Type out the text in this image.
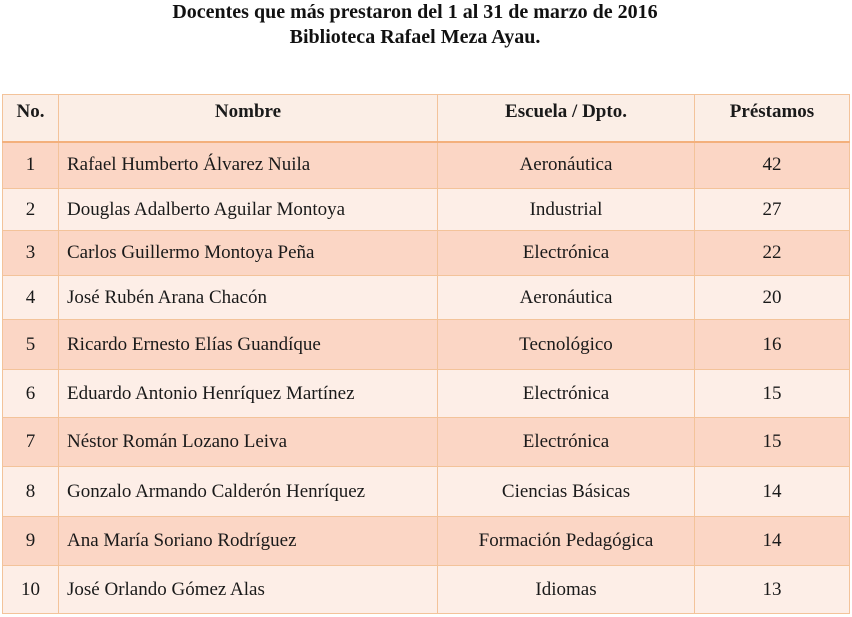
Docentes que más prestaron del 1 al 31 de marzo de 2016
Biblioteca Rafael Meza Ayau.
No.	Nombre	Escuela / Dpto.	Préstamos
1	Rafael Humberto Álvarez Nuila	Aeronáutica	42
2	Douglas Adalberto Aguilar Montoya	Industrial	27
3	Carlos Guillermo Montoya Peña	Electrónica	22
4	José Rubén Arana Chacón	Aeronáutica	20
5	Ricardo Ernesto Elías Guandíque	Tecnológico	16
6	Eduardo Antonio Henríquez Martínez	Electrónica	15
7	Néstor Román Lozano Leiva	Electrónica	15
8	Gonzalo Armando Calderón Henríquez	Ciencias Básicas	14
9	Ana María Soriano Rodríguez	Formación Pedagógica	14
10	José Orlando Gómez Alas	Idiomas	13
